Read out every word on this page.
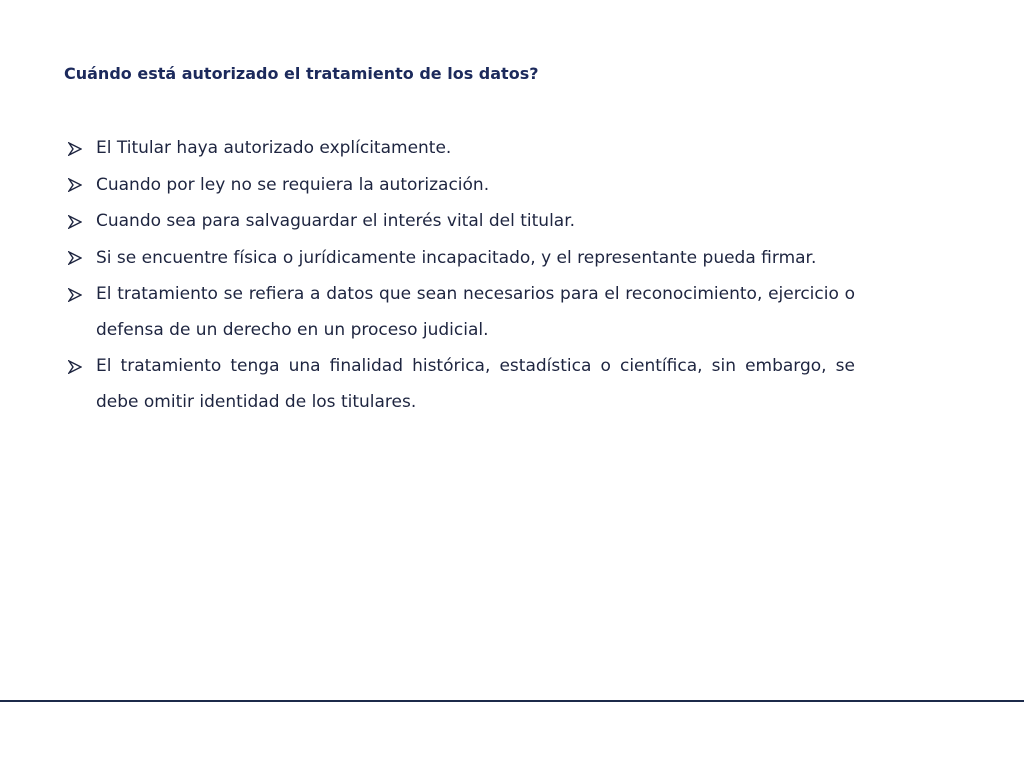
Cuándo está autorizado el tratamiento de los datos?
El Titular haya autorizado explícitamente.
Cuando por ley no se requiera la autorización.
Cuando sea para salvaguardar el interés vital del titular.
Si se encuentre física o jurídicamente incapacitado, y el representante pueda firmar.
El tratamiento se refiera a datos que sean necesarios para el reconocimiento, ejercicio o defensa de un derecho en un proceso judicial.
El tratamiento tenga una finalidad histórica, estadística o científica, sin embargo, se debe omitir identidad de los titulares.
